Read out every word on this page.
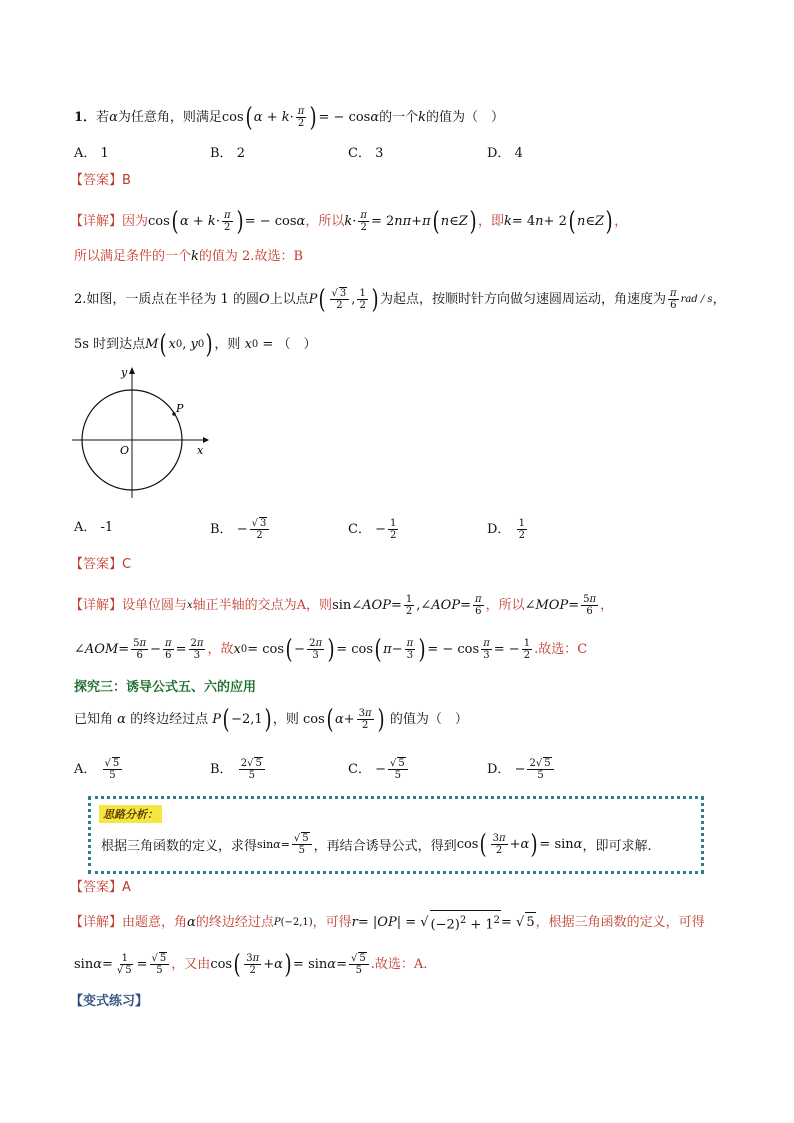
1． 若 α 为任意角，则满足 cos ( $\alpha + k \cdot \frac{\pi}{2}$ ) = − cos α 的一个 k 的值为（　）
A．
1	B．
2	C．
3	D．
4
【答案】 B
【详解】 因为 cos ( $\alpha + k \cdot \frac{\pi}{2}$ ) = − cos α ，所以 $k \cdot \frac{\pi}{2} = 2$ nπ + π ( n ∈ Z ) ，即 k = 4 n + 2 ( n ∈ Z ) ，
所以满足条件的一个 k 的值为 2.故选：B
2.如图，一质点在半径为 1 的圆 O 上以点 P ( $\frac{√ 3}{2}$ , $\frac{1}{2}$ ) 为起点，按顺时针方向做匀速圆周运动，角速度为 $\frac{\pi}{6}$ rad / s ，
5s 时到达点 M ( x 0 , y 0 ) ，则
x 0 = （　）
y
x
O
P
A．
-1	B． − $\frac{√ 3}{2}$	C． − $\frac{1}{2}$	D．
$\frac{1}{2}$
【答案】 C
【详解】 设单位圆与 x 轴正半轴的交点为A，则 sin∠ AOP = $\frac{1}{2}$ ,∠ AOP = $\frac{\pi}{6}$ ，所以 ∠ MOP = $\frac{5\pi}{6}$ ，
∠ AOM = $\frac{5\pi}{6} - \frac{\pi}{6} = \frac{2\pi}{3}$ ，故 x 0 = cos ( − $\frac{2\pi}{3}$ ) = cos ( $\pi - \frac{\pi}{3}$ ) = − $\cos \frac{\pi}{3}$ = − $\frac{1}{2}$ .故选：C
探究三：诱导公式五、六的应用
已知角
α
的终边经过点
P ( −2,1 ) ，则
cos ( $\alpha + \frac{3\pi}{2}$ )
的值为（　）
A．
$\frac{√ 5}{5}$	B．
$\frac{2√ 5}{5}$	C． − $\frac{√ 5}{5}$	D． − $\frac{2√ 5}{5}$
思路分析：
根据三角函数的定义，求得 $\sin \alpha = \frac{√ 5}{5}$ ，再结合诱导公式，得到 cos ( $\frac{3\pi}{2} + \alpha$ ) = sin α ，即可求解.
【答案】 A
【详解】 由题意，角 α 的终边经过点 P(−2,1) ，可得 r = | OP | = √ $(-2)^2 + 1^2$ = √ 5 ，根据三角函数的定义，可得
$\sin \alpha = \frac{1}{√ 5} = \frac{√ 5}{5}$ ，又由 cos ( $\frac{3\pi}{2} + \alpha$ ) = $\sin \alpha = \frac{√ 5}{5}$ .故选：A.
【变式练习】
